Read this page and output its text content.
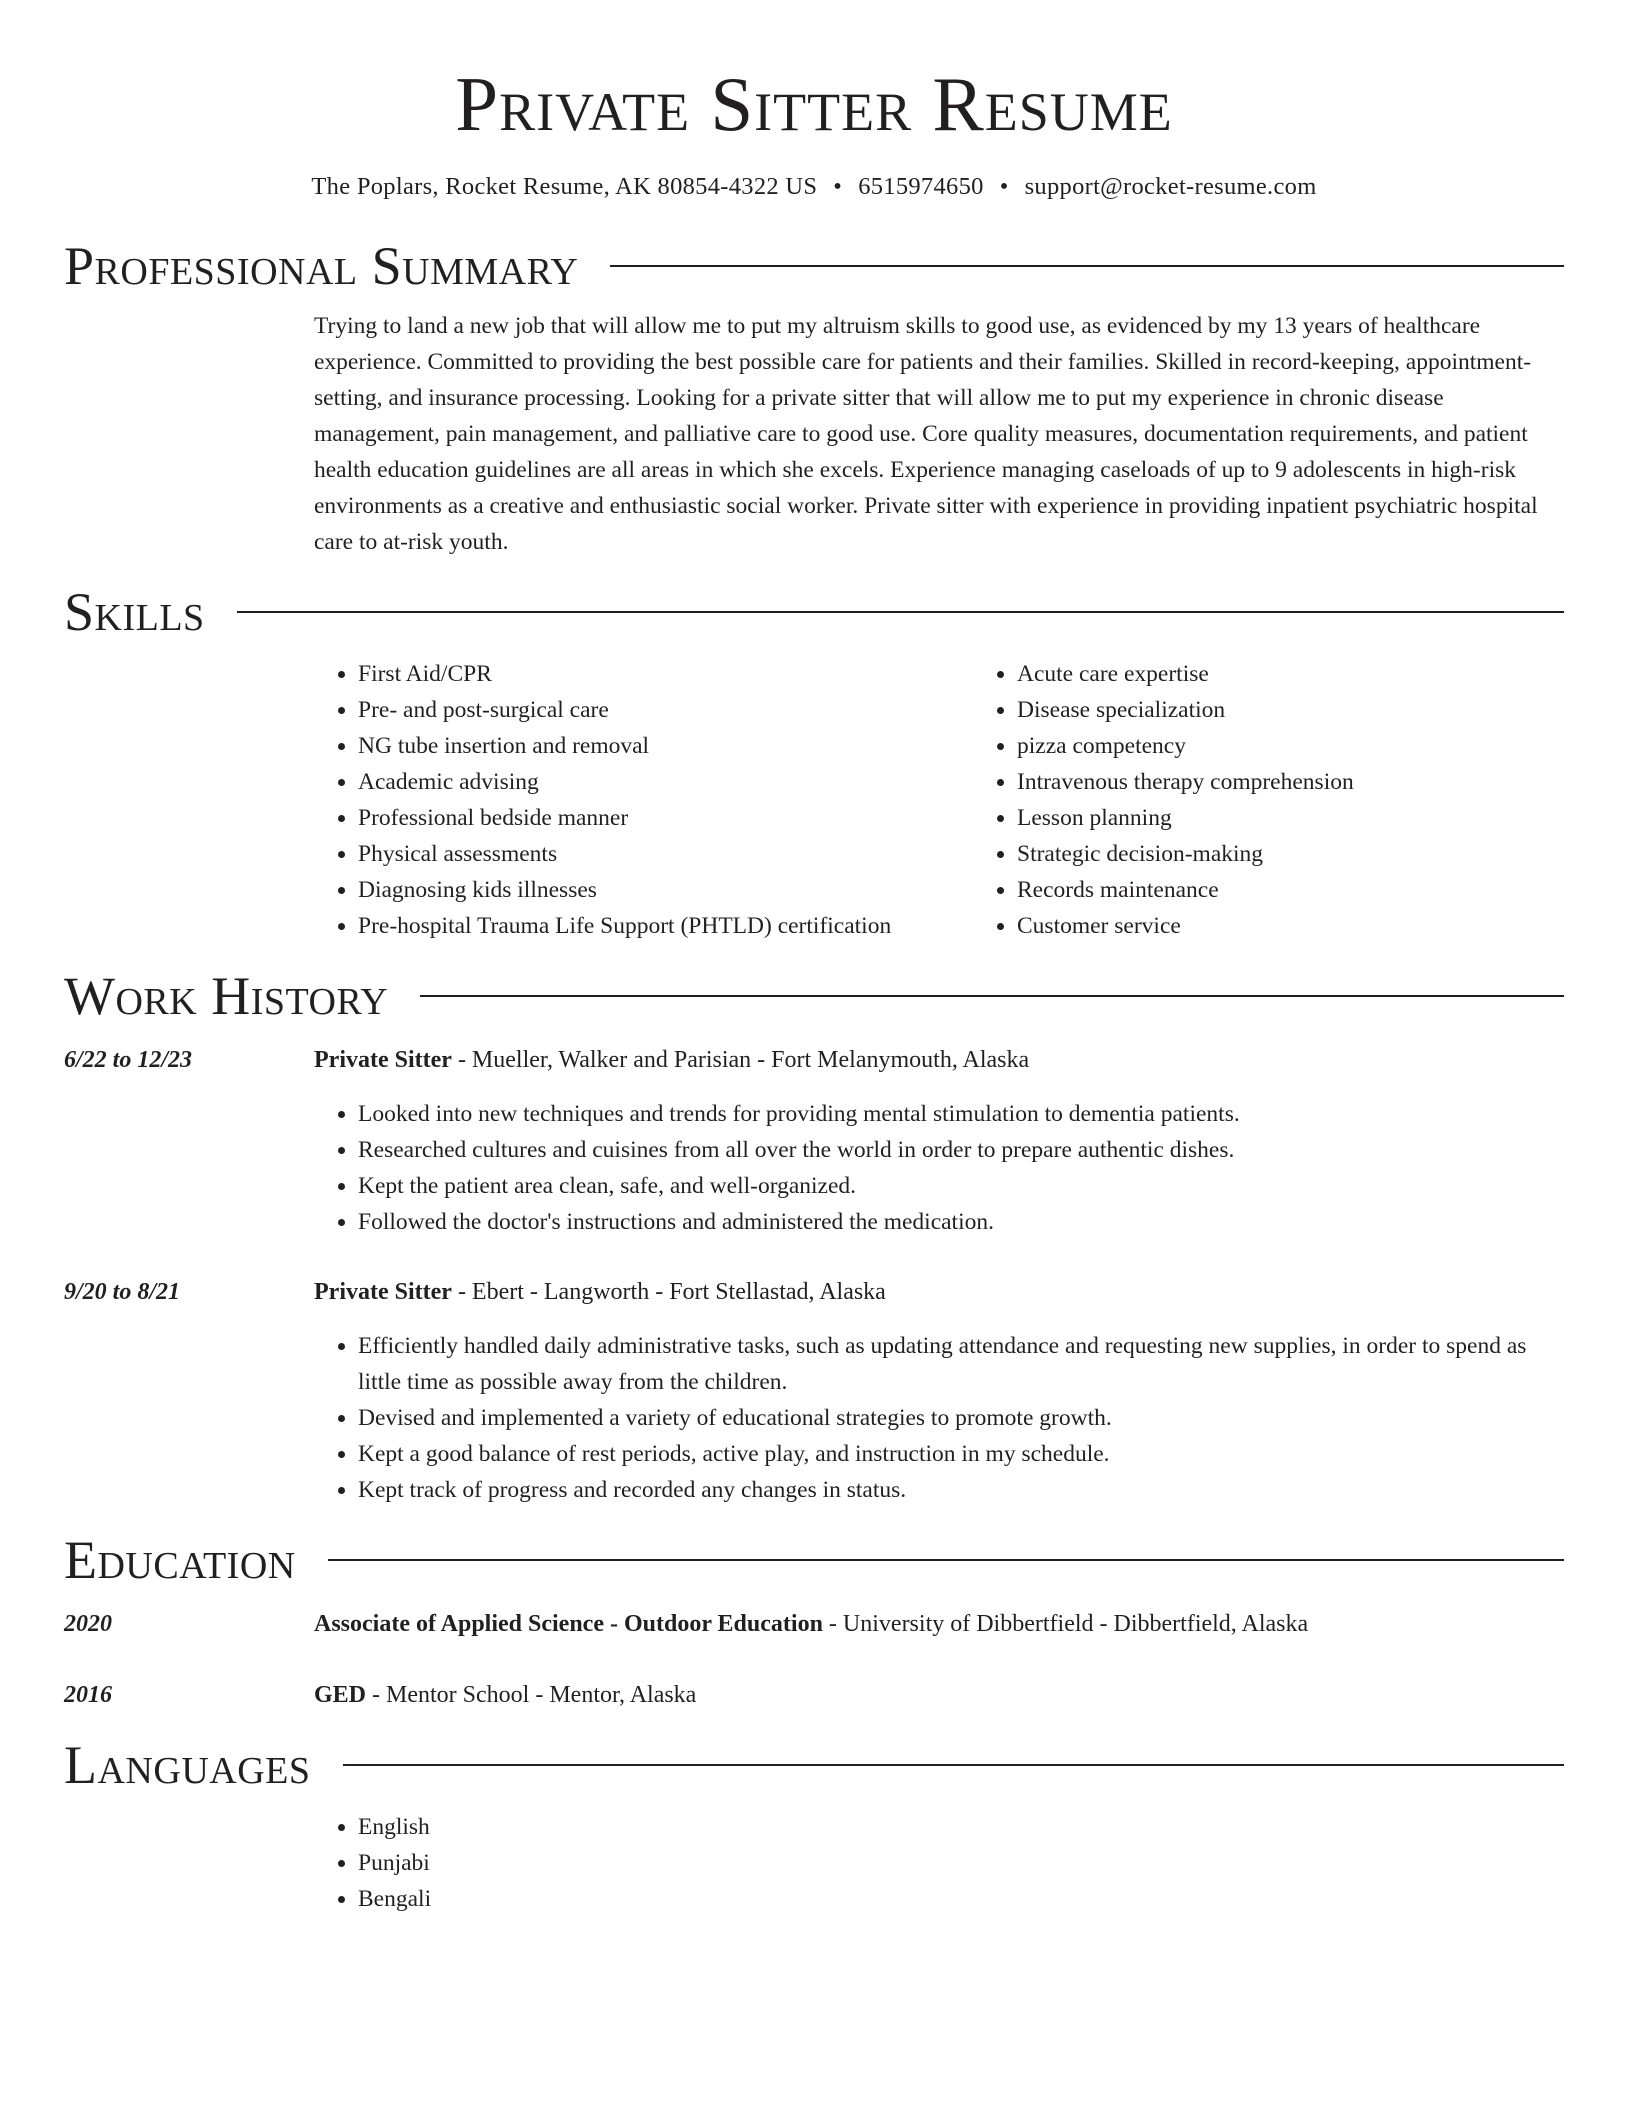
Private Sitter Resume
The Poplars, Rocket Resume, AK 80854-4322 US • 6515974650 • support@rocket-resume.com
Professional Summary

Trying to land a new job that will allow me to put my altruism skills to good use, as evidenced by my 13 years of healthcare experience. Committed to providing the best possible care for patients and their families. Skilled in record-keeping, appointment-setting, and insurance processing. Looking for a private sitter that will allow me to put my experience in chronic disease management, pain management, and palliative care to good use. Core quality measures, documentation requirements, and patient health education guidelines are all areas in which she excels. Experience managing caseloads of up to 9 adolescents in high-risk environments as a creative and enthusiastic social worker. Private sitter with experience in providing inpatient psychiatric hospital care to at-risk youth.

Skills
• First Aid/CPR
• Pre- and post-surgical care
• NG tube insertion and removal
• Academic advising
• Professional bedside manner
• Physical assessments
• Diagnosing kids illnesses
• Pre-hospital Trauma Life Support (PHTLD) certification
• Acute care expertise
• Disease specialization
• pizza competency
• Intravenous therapy comprehension
• Lesson planning
• Strategic decision-making
• Records maintenance
• Customer service
Work History
6/22 to 12/23	Private Sitter - Mueller, Walker and Parisian - Fort Melanymouth, Alaska
• Looked into new techniques and trends for providing mental stimulation to dementia patients.
• Researched cultures and cuisines from all over the world in order to prepare authentic dishes.
• Kept the patient area clean, safe, and well-organized.
• Followed the doctor's instructions and administered the medication.
9/20 to 8/21	Private Sitter - Ebert - Langworth - Fort Stellastad, Alaska
• Efficiently handled daily administrative tasks, such as updating attendance and requesting new supplies, in order to spend as little time as possible away from the children.
• Devised and implemented a variety of educational strategies to promote growth.
• Kept a good balance of rest periods, active play, and instruction in my schedule.
• Kept track of progress and recorded any changes in status.
Education
2020	Associate of Applied Science - Outdoor Education - University of Dibbertfield - Dibbertfield, Alaska
2016	GED - Mentor School - Mentor, Alaska
Languages
• English
• Punjabi
• Bengali
